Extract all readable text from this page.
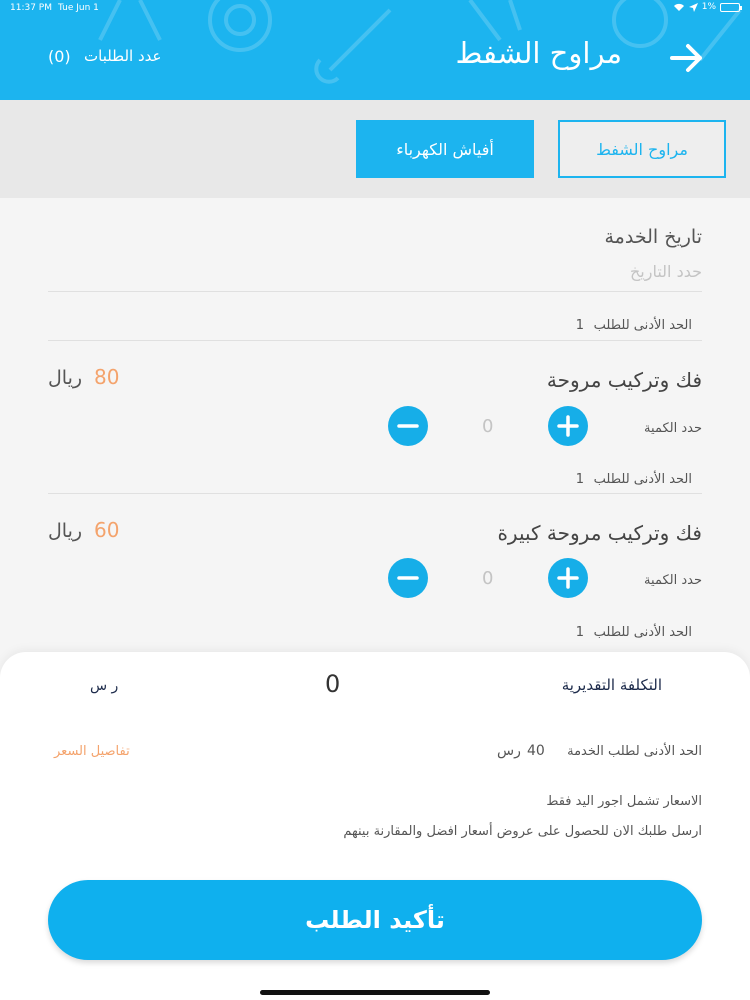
11:37 PM Tue Jun 1	1%
مراوح الشفط
عدد الطلبات
(0)
مراوح الشفط
أفياش الكهرباء
تاريخ الخدمة
حدد التاريخ
الحد الأدنى للطلب
1
فك وتركيب مروحة
80
ريال
حدد الكمية
0
الحد الأدنى للطلب
1
فك وتركيب مروحة كبيرة
60
ريال
حدد الكمية
0
الحد الأدنى للطلب
1
التكلفة التقديرية
0
ر س
الحد الأدنى لطلب الخدمة
40
رس
تفاصيل السعر
الاسعار تشمل اجور اليد فقط
ارسل طلبك الان للحصول على عروض أسعار افضل والمقارنة بينهم
تأكيد الطلب
